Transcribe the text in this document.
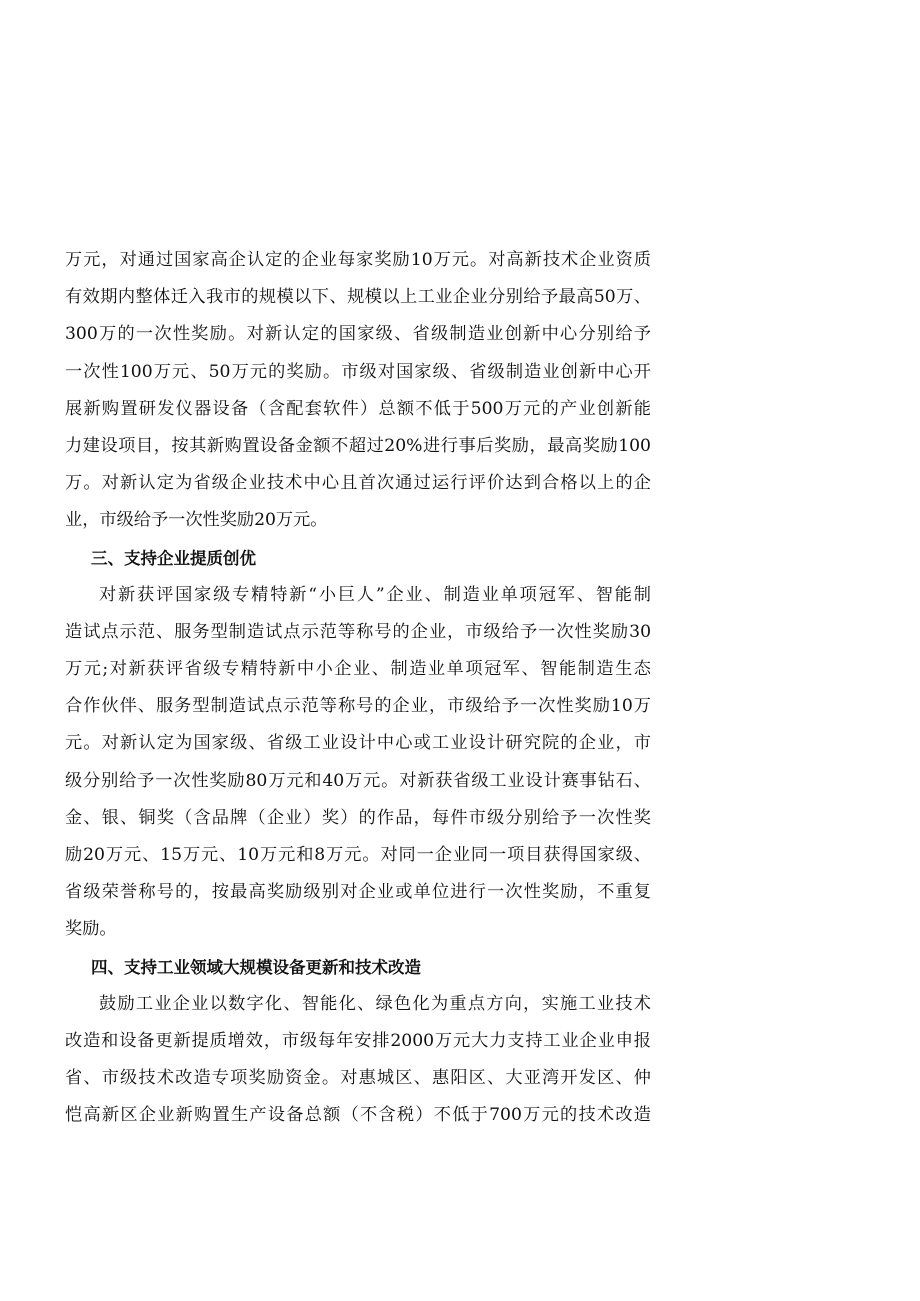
万元，对通过国家高企认定的企业每家奖励10万元。对高新技术企业资质
有效期内整体迁入我市的规模以下、规模以上工业企业分别给予最高50万、
300万的一次性奖励。对新认定的国家级、省级制造业创新中心分别给予
一次性100万元、50万元的奖励。市级对国家级、省级制造业创新中心开
展新购置研发仪器设备（含配套软件）总额不低于500万元的产业创新能
力建设项目，按其新购置设备金额不超过20%进行事后奖励，最高奖励100
万。对新认定为省级企业技术中心且首次通过运行评价达到合格以上的企
业，市级给予一次性奖励20万元。
三、支持企业提质创优
对新获评国家级专精特新“小巨人”企业、制造业单项冠军、智能制
造试点示范、服务型制造试点示范等称号的企业，市级给予一次性奖励30
万元;对新获评省级专精特新中小企业、制造业单项冠军、智能制造生态
合作伙伴、服务型制造试点示范等称号的企业，市级给予一次性奖励10万
元。对新认定为国家级、省级工业设计中心或工业设计研究院的企业，市
级分别给予一次性奖励80万元和40万元。对新获省级工业设计赛事钻石、
金、银、铜奖（含品牌（企业）奖）的作品，每件市级分别给予一次性奖
励20万元、15万元、10万元和8万元。对同一企业同一项目获得国家级、
省级荣誉称号的，按最高奖励级别对企业或单位进行一次性奖励，不重复
奖励。
四、支持工业领域大规模设备更新和技术改造
鼓励工业企业以数字化、智能化、绿色化为重点方向，实施工业技术
改造和设备更新提质增效，市级每年安排2000万元大力支持工业企业申报
省、市级技术改造专项奖励资金。对惠城区、惠阳区、大亚湾开发区、仲
恺高新区企业新购置生产设备总额（不含税）不低于700万元的技术改造
